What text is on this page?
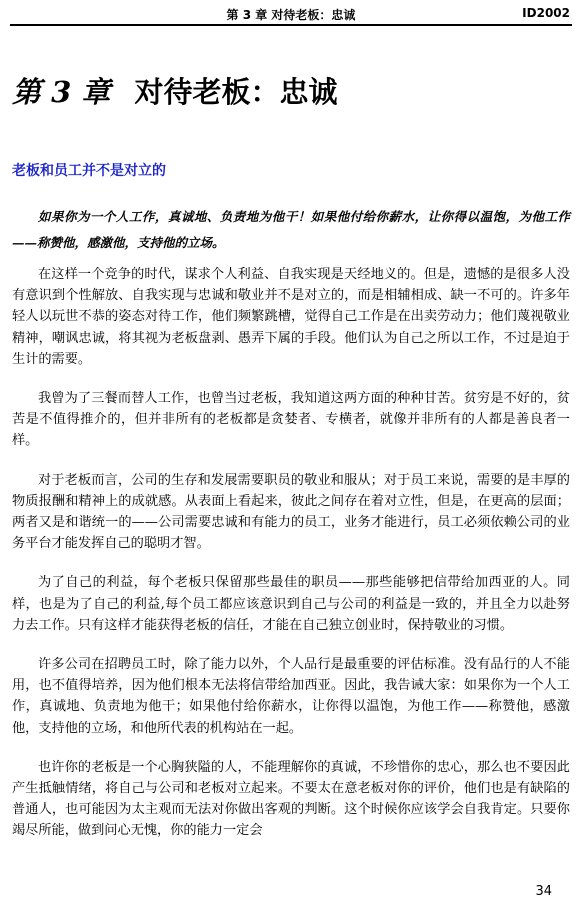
第 3 章 对待老板：忠诚	ID2002
第 3 章 对待老板：忠诚
老板和员工并不是对立的
如果你为一个人工作，真诚地、负责地为他干！如果他付给你薪水，让你得以温饱，为他工作——称赞他，感激他，支持他的立场。

在这样一个竞争的时代，谋求个人利益、自我实现是天经地义的。但是，遗憾的是很多人没有意识到个性解放、自我实现与忠诚和敬业并不是对立的，而是相辅相成、缺一不可的。许多年轻人以玩世不恭的姿态对待工作，他们频繁跳槽，觉得自己工作是在出卖劳动力；他们蔑视敬业精神，嘲讽忠诚，将其视为老板盘剥、愚弄下属的手段。他们认为自己之所以工作，不过是迫于生计的需要。

我曾为了三餐而替人工作，也曾当过老板，我知道这两方面的种种甘苦。贫穷是不好的，贫苦是不值得推介的，但并非所有的老板都是贪婪者、专横者，就像并非所有的人都是善良者一样。

对于老板而言，公司的生存和发展需要职员的敬业和服从；对于员工来说，需要的是丰厚的物质报酬和精神上的成就感。从表面上看起来，彼此之间存在着对立性，但是，在更高的层面；两者又是和谐统一的——公司需要忠诚和有能力的员工，业务才能进行，员工必须依赖公司的业务平台才能发挥自己的聪明才智。

为了自己的利益，每个老板只保留那些最佳的职员——那些能够把信带给加西亚的人。同样，也是为了自己的利益,每个员工都应该意识到自己与公司的利益是一致的，并且全力以赴努力去工作。只有这样才能获得老板的信任，才能在自己独立创业时，保持敬业的习惯。

许多公司在招聘员工时，除了能力以外，个人品行是最重要的评估标准。没有品行的人不能用，也不值得培养，因为他们根本无法将信带给加西亚。因此，我告诫大家：如果你为一个人工作，真诚地、负责地为他干；如果他付给你薪水，让你得以温饱，为他工作——称赞他，感激他，支持他的立场，和他所代表的机构站在一起。

也许你的老板是一个心胸狭隘的人，不能理解你的真诚，不珍惜你的忠心，那么也不要因此产生抵触情绪，将自己与公司和老板对立起来。不要太在意老板对你的评价，他们也是有缺陷的普通人，也可能因为太主观而无法对你做出客观的判断。这个时候你应该学会自我肯定。只要你竭尽所能，做到问心无愧，你的能力一定会

34
